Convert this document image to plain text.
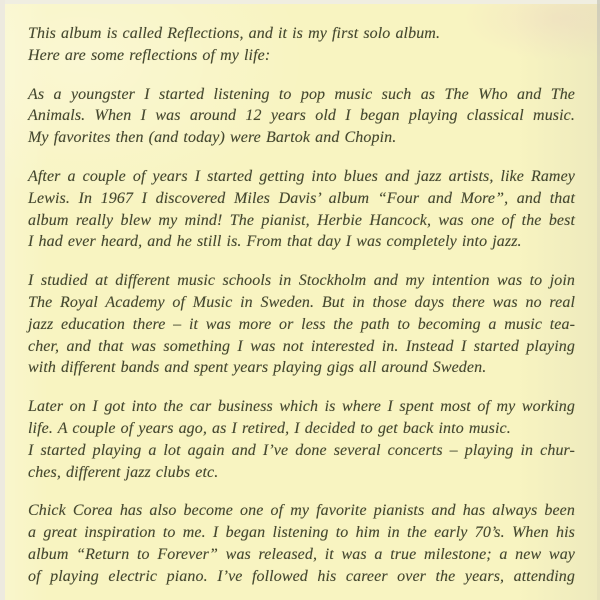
This album is called Reflections, and it is my first solo album.
Here are some reflections of my life:
As a youngster I started listening to pop music such as The Who and The
Animals. When I was around 12 years old I began playing classical music.
My favorites then (and today) were Bartok and Chopin.
After a couple of years I started getting into blues and jazz artists, like Ramey
Lewis. In 1967 I discovered Miles Davis’ album “Four and More”, and that
album really blew my mind! The pianist, Herbie Hancock, was one of the best
I had ever heard, and he still is. From that day I was completely into jazz.
I studied at different music schools in Stockholm and my intention was to join
The Royal Academy of Music in Sweden. But in those days there was no real
jazz education there – it was more or less the path to becoming a music tea-
cher, and that was something I was not interested in. Instead I started playing
with different bands and spent years playing gigs all around Sweden.
Later on I got into the car business which is where I spent most of my working
life. A couple of years ago, as I retired, I decided to get back into music.
I started playing a lot again and I’ve done several concerts – playing in chur-
ches, different jazz clubs etc.
Chick Corea has also become one of my favorite pianists and has always been
a great inspiration to me. I began listening to him in the early 70’s. When his
album “Return to Forever” was released, it was a true milestone; a new way
of playing electric piano. I’ve followed his career over the years, attending
